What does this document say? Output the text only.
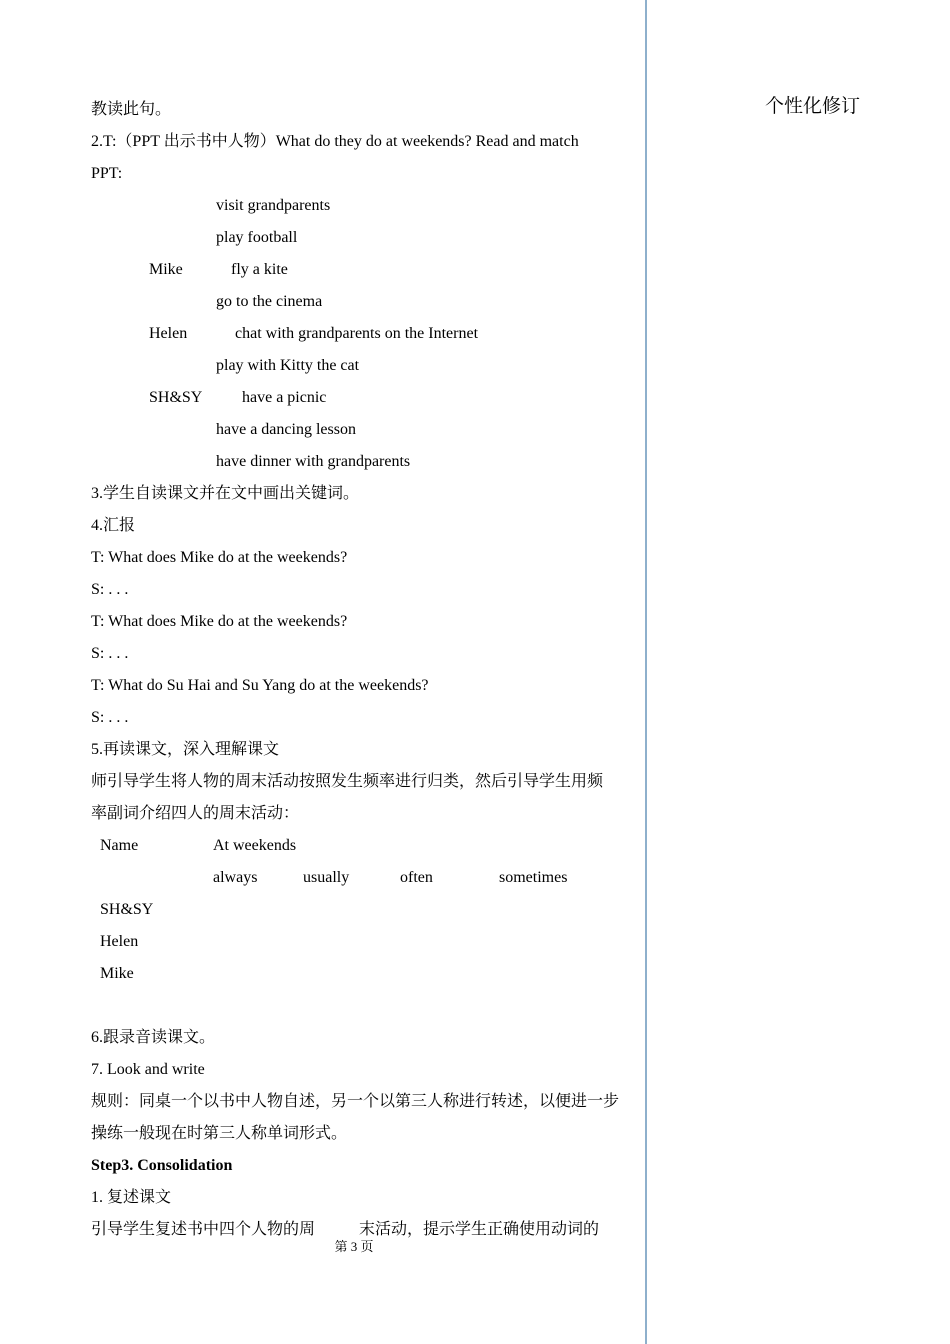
个性化修订
教读此句。
2.T:（PPT 出示书中人物）What do they do at weekends? Read and match
PPT:
visit grandparents
play football
Mike	fly a kite
go to the cinema
Helen	chat with grandparents on the Internet
play with Kitty the cat
SH&SY have a picnic
have a dancing lesson
have dinner with grandparents
3.学生自读课文并在文中画出关键词。
4.汇报
T: What does Mike do at the weekends?
S: . . .
T: What does Mike do at the weekends?
S: . . .
T: What do Su Hai and Su Yang do at the weekends?
S: . . .
5.再读课文，深入理解课文
师引导学生将人物的周末活动按照发生频率进行归类，然后引导学生用频
率副词介绍四人的周末活动：
Name	At weekends
always	usually	often	sometimes
SH&SY
Helen
Mike
6.跟录音读课文。
7. Look and write
规则：同桌一个以书中人物自述，另一个以第三人称进行转述，以便进一步
操练一般现在时第三人称单词形式。
Step3. Consolidation
1. 复述课文
引导学生复述书中四个人物的周	末活动，提示学生正确使用动词的
第 3 页
